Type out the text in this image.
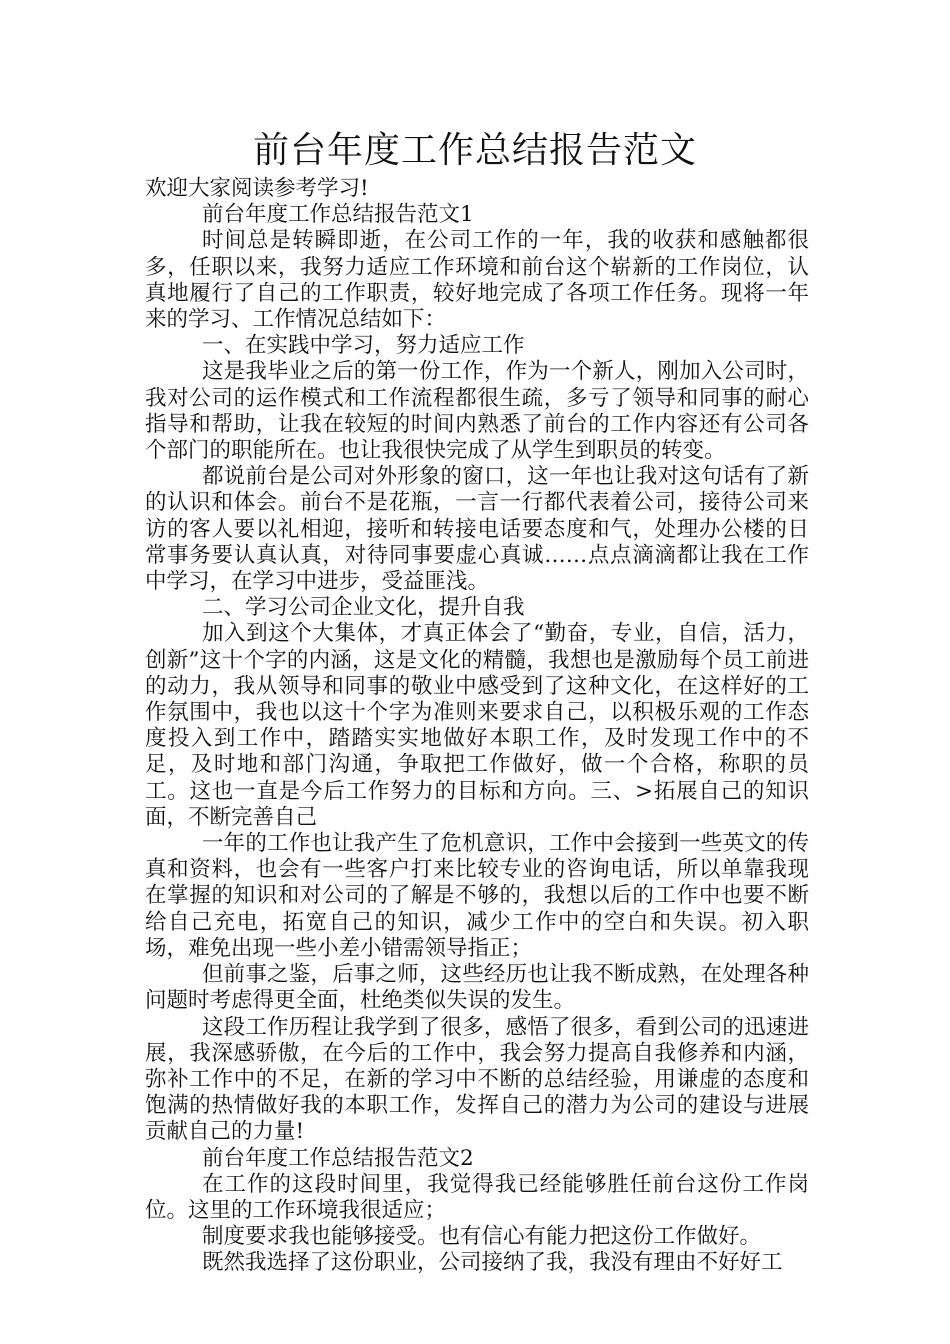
前台年度工作总结报告范文

欢迎大家阅读参考学习!

前台年度工作总结报告范文1

时间总是转瞬即逝，在公司工作的一年，我的收获和感触都很多，任职以来，我努力适应工作环境和前台这个崭新的工作岗位，认真地履行了自己的工作职责，较好地完成了各项工作任务。现将一年来的学习、工作情况总结如下：

一、在实践中学习，努力适应工作

这是我毕业之后的第一份工作，作为一个新人，刚加入公司时，我对公司的运作模式和工作流程都很生疏，多亏了领导和同事的耐心指导和帮助，让我在较短的时间内熟悉了前台的工作内容还有公司各个部门的职能所在。也让我很快完成了从学生到职员的转变。

都说前台是公司对外形象的窗口，这一年也让我对这句话有了新的认识和体会。前台不是花瓶，一言一行都代表着公司，接待公司来访的客人要以礼相迎，接听和转接电话要态度和气，处理办公楼的日常事务要认真认真，对待同事要虚心真诚……点点滴滴都让我在工作中学习，在学习中进步，受益匪浅。

二、学习公司企业文化，提升自我

加入到这个大集体，才真正体会了“勤奋，专业，自信，活力，创新”这十个字的内涵，这是文化的精髓，我想也是激励每个员工前进的动力，我从领导和同事的敬业中感受到了这种文化，在这样好的工作氛围中，我也以这十个字为准则来要求自己，以积极乐观的工作态度投入到工作中，踏踏实实地做好本职工作，及时发现工作中的不足，及时地和部门沟通，争取把工作做好，做一个合格，称职的员工。这也一直是今后工作努力的目标和方向。三、>拓展自己的知识面，不断完善自己

一年的工作也让我产生了危机意识，工作中会接到一些英文的传真和资料，也会有一些客户打来比较专业的咨询电话，所以单靠我现在掌握的知识和对公司的了解是不够的，我想以后的工作中也要不断给自己充电，拓宽自己的知识，减少工作中的空白和失误。初入职场，难免出现一些小差小错需领导指正；

但前事之鉴，后事之师，这些经历也让我不断成熟，在处理各种问题时考虑得更全面，杜绝类似失误的发生。

这段工作历程让我学到了很多，感悟了很多，看到公司的迅速进展，我深感骄傲，在今后的工作中，我会努力提高自我修养和内涵，弥补工作中的不足，在新的学习中不断的总结经验，用谦虚的态度和饱满的热情做好我的本职工作，发挥自己的潜力为公司的建设与进展贡献自己的力量!

前台年度工作总结报告范文2

在工作的这段时间里，我觉得我已经能够胜任前台这份工作岗位。这里的工作环境我很适应；

制度要求我也能够接受。也有信心有能力把这份工作做好。

既然我选择了这份职业，公司接纳了我，我没有理由不好好工
